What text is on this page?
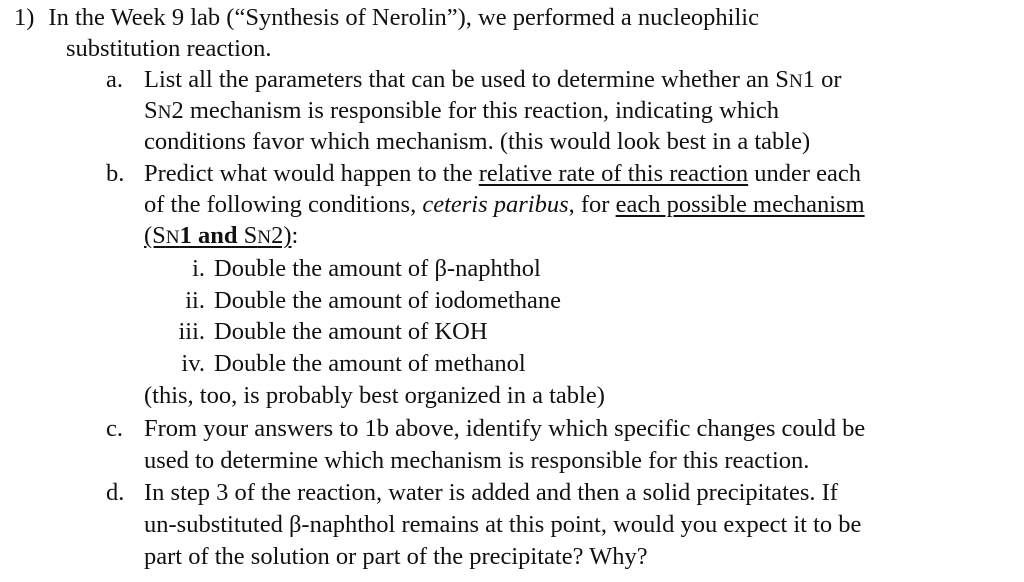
1) In the Week 9 lab (“Synthesis of Nerolin”), we performed a nucleophilic
substitution reaction.
a. List all the parameters that can be used to determine whether an SN1 or
SN2 mechanism is responsible for this reaction, indicating which
conditions favor which mechanism. (this would look best in a table)
b. Predict what would happen to the relative rate of this reaction under each
of the following conditions, ceteris paribus, for each possible mechanism
(SN1 and SN2):
i. Double the amount of β-naphthol
ii. Double the amount of iodomethane
iii. Double the amount of KOH
iv. Double the amount of methanol
(this, too, is probably best organized in a table)
c. From your answers to 1b above, identify which specific changes could be
used to determine which mechanism is responsible for this reaction.
d. In step 3 of the reaction, water is added and then a solid precipitates. If
un-substituted β-naphthol remains at this point, would you expect it to be
part of the solution or part of the precipitate? Why?
